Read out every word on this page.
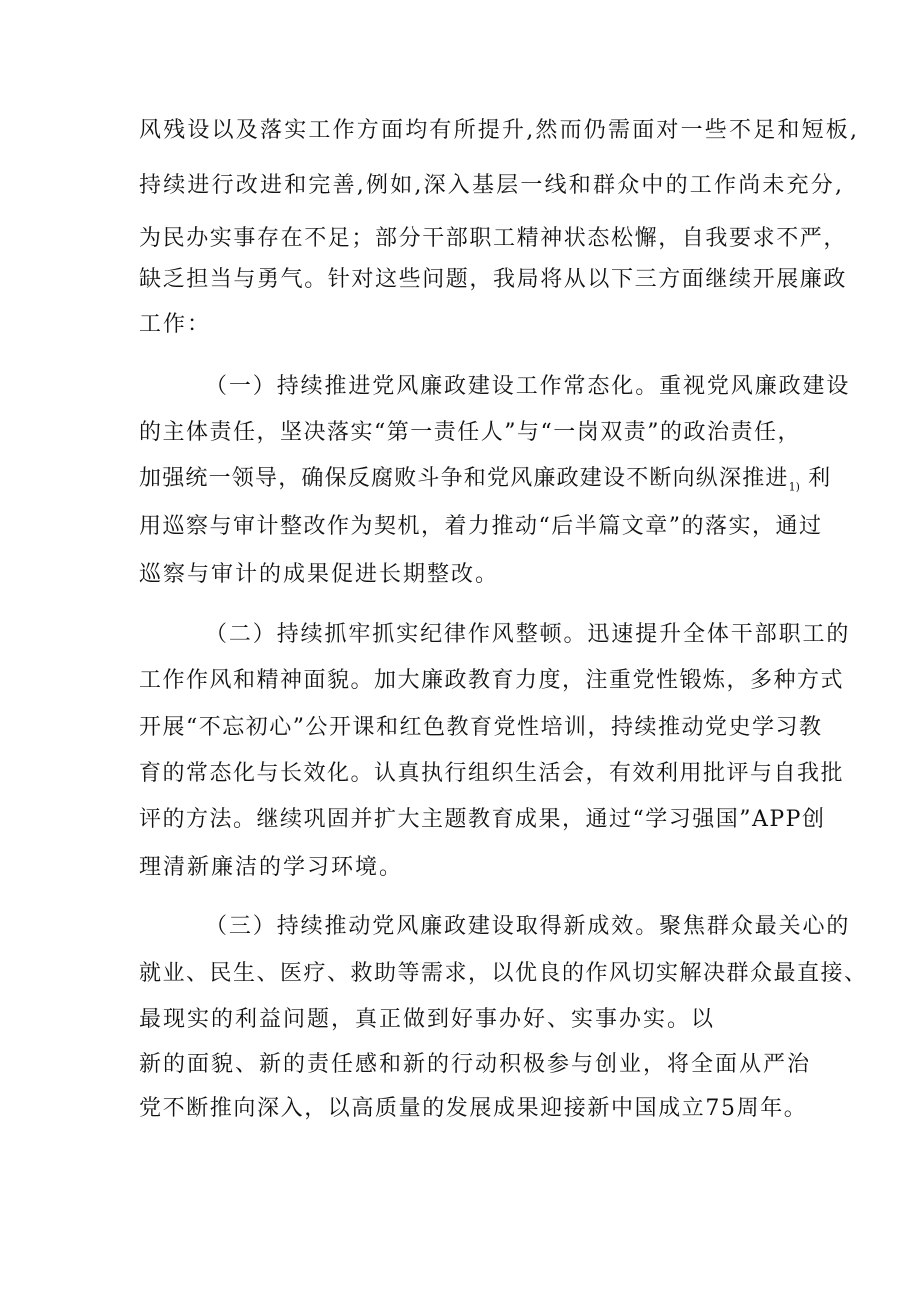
风残设以及落实工作方面均有所提升,然而仍需面对一些不足和短板,

持续进行改进和完善,例如,深入基层一线和群众中的工作尚未充分,

为民办实事存在不足；部分干部职工精神状态松懈，自我要求不严，

缺乏担当与勇气。针对这些问题，我局将从以下三方面继续开展廉政

工作：

（一）持续推进党风廉政建设工作常态化。重视党风廉政建设

的主体责任，坚决落实“第一责任人”与“一岗双责”的政治责任，

加强统一领导，确保反腐败斗争和党风廉政建设不断向纵深推进$_{1)}$ 利

用巡察与审计整改作为契机，着力推动“后半篇文章”的落实，通过

巡察与审计的成果促进长期整改。

（二）持续抓牢抓实纪律作风整顿。迅速提升全体干部职工的

工作作风和精神面貌。加大廉政教育力度，注重党性锻炼，多种方式

开展“不忘初心”公开课和红色教育党性培训，持续推动党史学习教

育的常态化与长效化。认真执行组织生活会，有效利用批评与自我批

评的方法。继续巩固并扩大主题教育成果，通过“学习强国”APP创

理清新廉洁的学习环境。

（三）持续推动党风廉政建设取得新成效。聚焦群众最关心的

就业、民生、医疗、救助等需求，以优良的作风切实解决群众最直接、

最现实的利益问题，真正做到好事办好、实事办实。以

新的面貌、新的责任感和新的行动积极参与创业，将全面从严治

党不断推向深入，以高质量的发展成果迎接新中国成立75周年。
